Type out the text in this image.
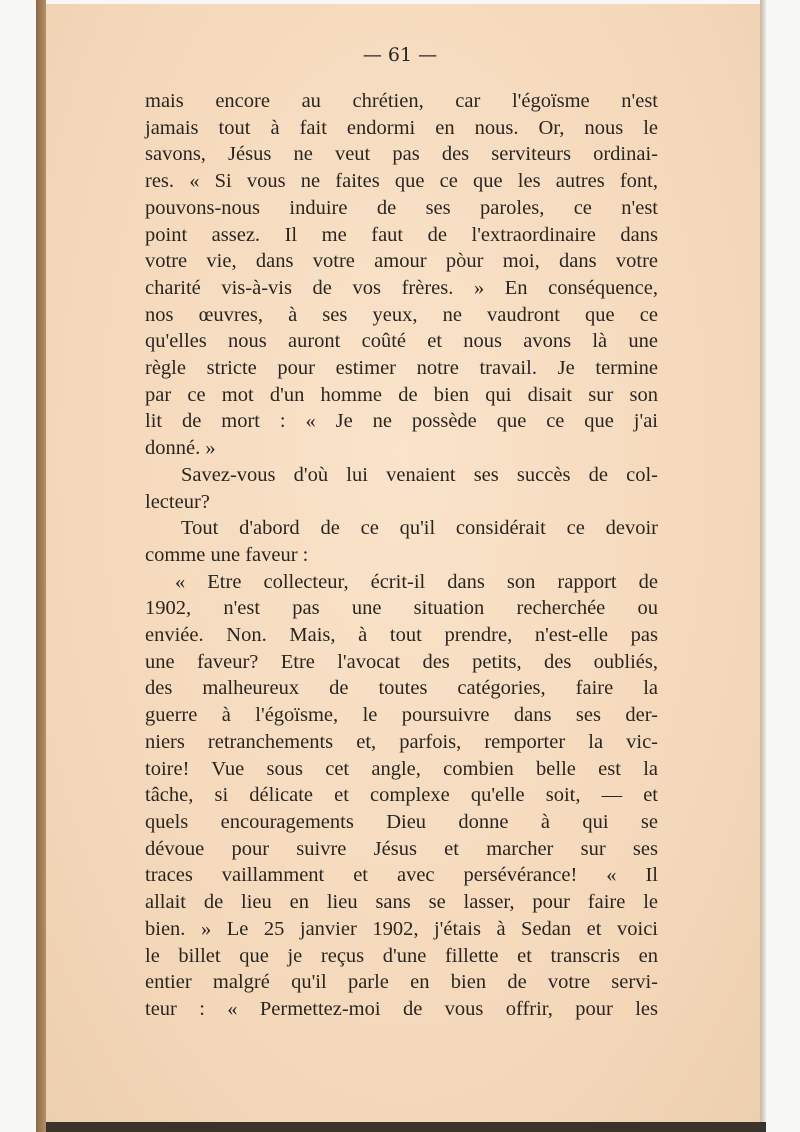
— 61 —
mais encore au chrétien, car l'égoïsme n'est
jamais tout à fait endormi en nous. Or, nous le
savons, Jésus ne veut pas des serviteurs ordinai-
res. « Si vous ne faites que ce que les autres font,
pouvons-nous induire de ses paroles, ce n'est
point assez. Il me faut de l'extraordinaire dans
votre vie, dans votre amour pòur moi, dans votre
charité vis-à-vis de vos frères. » En conséquence,
nos œuvres, à ses yeux, ne vaudront que ce
qu'elles nous auront coûté et nous avons là une
règle stricte pour estimer notre travail. Je termine
par ce mot d'un homme de bien qui disait sur son
lit de mort : « Je ne possède que ce que j'ai
donné. »
Savez-vous d'où lui venaient ses succès de col-
lecteur?
Tout d'abord de ce qu'il considérait ce devoir
comme une faveur :
« Etre collecteur, écrit-il dans son rapport de
1902, n'est pas une situation recherchée ou
enviée. Non. Mais, à tout prendre, n'est-elle pas
une faveur? Etre l'avocat des petits, des oubliés,
des malheureux de toutes catégories, faire la
guerre à l'égoïsme, le poursuivre dans ses der-
niers retranchements et, parfois, remporter la vic-
toire! Vue sous cet angle, combien belle est la
tâche, si délicate et complexe qu'elle soit, — et
quels encouragements Dieu donne à qui se
dévoue pour suivre Jésus et marcher sur ses
traces vaillamment et avec persévérance! « Il
allait de lieu en lieu sans se lasser, pour faire le
bien. » Le 25 janvier 1902, j'étais à Sedan et voici
le billet que je reçus d'une fillette et transcris en
entier malgré qu'il parle en bien de votre servi-
teur : « Permettez-moi de vous offrir, pour les
